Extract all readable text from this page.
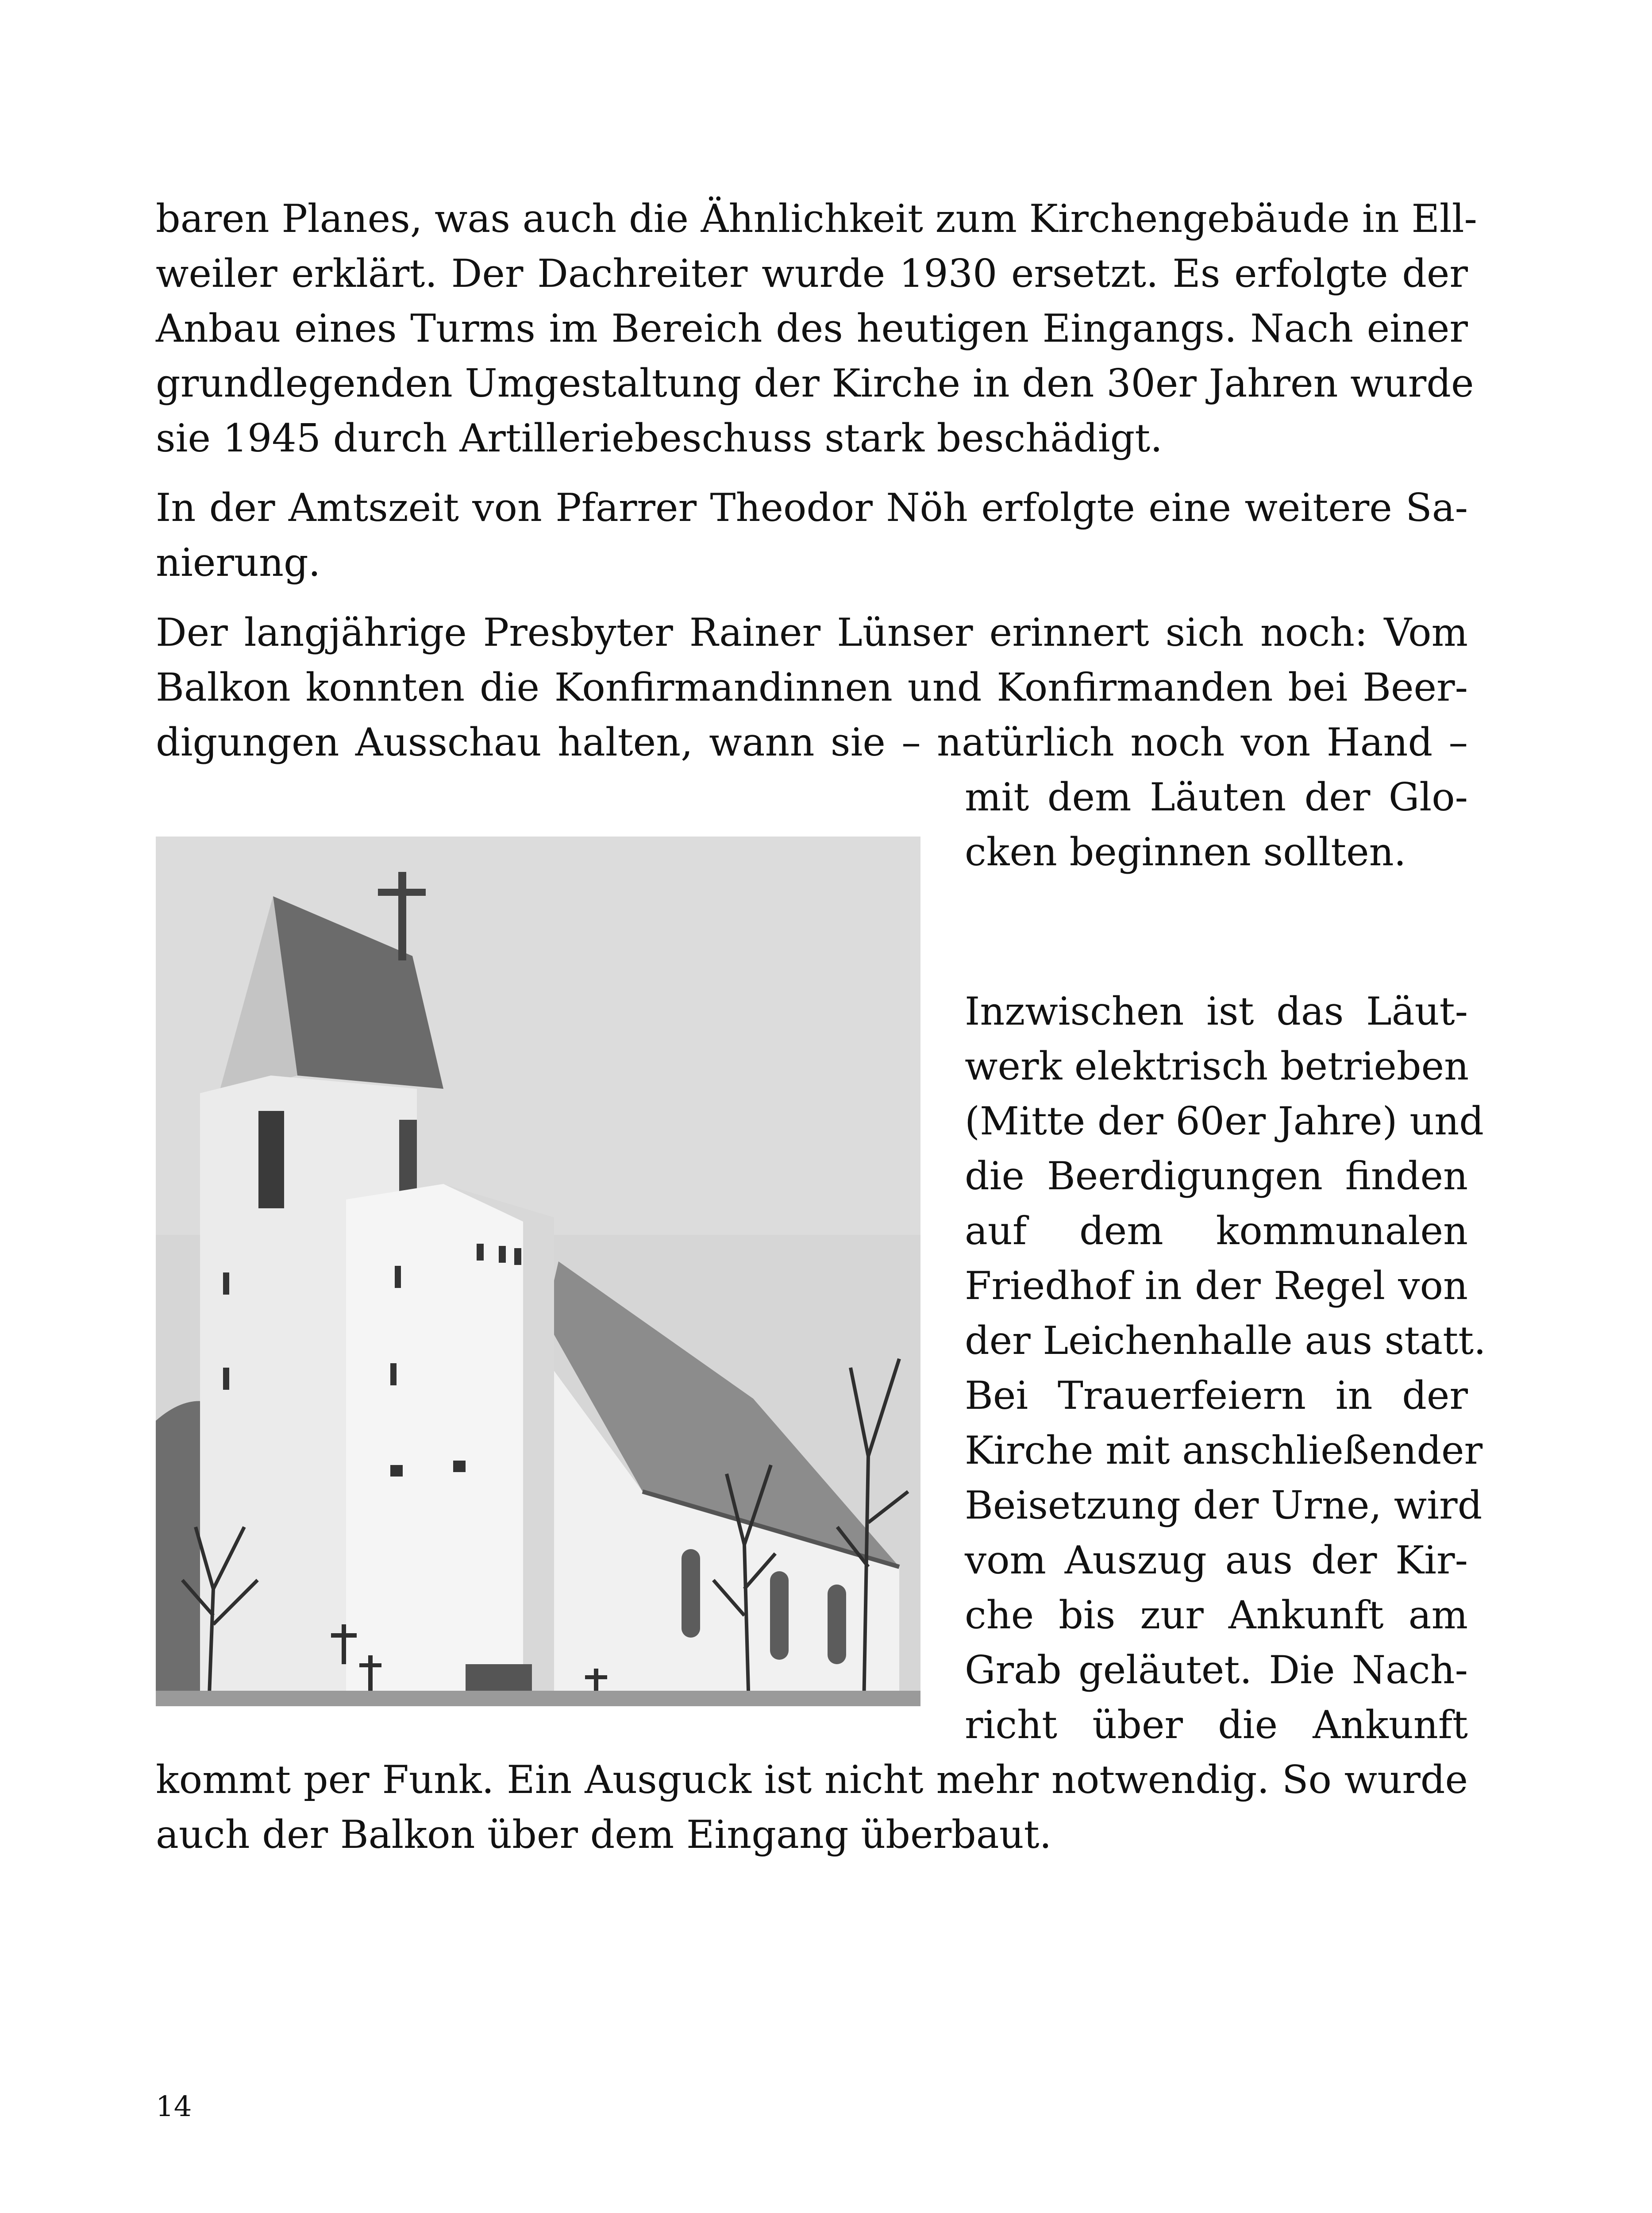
baren Planes, was auch die Ähnlichkeit zum Kirchengebäude in Ell-
weiler erklärt. Der Dachreiter wurde 1930 ersetzt. Es erfolgte der
Anbau eines Turms im Bereich des heutigen Eingangs. Nach einer
grundlegenden Umgestaltung der Kirche in den 30er Jahren wurde
sie 1945 durch Artilleriebeschuss stark beschädigt.
In der Amtszeit von Pfarrer Theodor Nöh erfolgte eine weitere Sa-
nierung.
Der langjährige Presbyter Rainer Lünser erinnert sich noch: Vom
Balkon konnten die Konfirmandinnen und Konfirmanden bei Beer-
digungen Ausschau halten, wann sie – natürlich noch von Hand –
mit dem Läuten der Glo-
cken beginnen sollten.
Inzwischen ist das Läut-
werk elektrisch betrieben
(Mitte der 60er Jahre) und
die Beerdigungen finden
auf dem kommunalen
Friedhof in der Regel von
der Leichenhalle aus statt.
Bei Trauerfeiern in der
Kirche mit anschließender
Beisetzung der Urne, wird
vom Auszug aus der Kir-
che bis zur Ankunft am
Grab geläutet. Die Nach-
richt über die Ankunft
kommt per Funk. Ein Ausguck ist nicht mehr notwendig. So wurde
auch der Balkon über dem Eingang überbaut.
14
